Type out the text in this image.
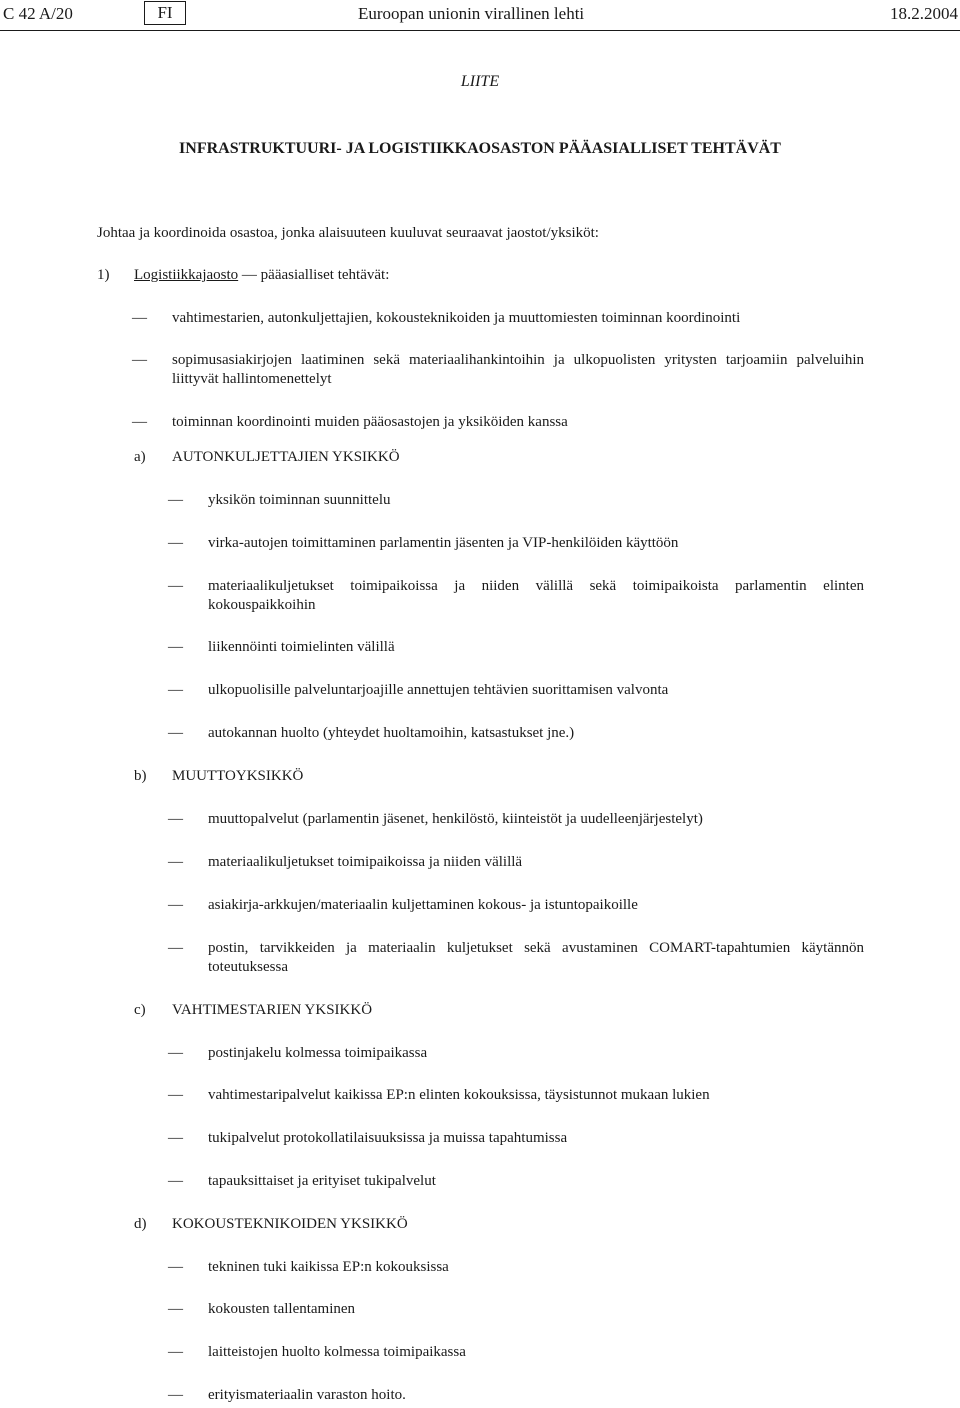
C 42 A/20	FI	Euroopan unionin virallinen lehti	18.2.2004
LIITE
INFRASTRUKTUURI- JA LOGISTIIKKAOSASTON PÄÄASIALLISET TEHTÄVÄT
Johtaa ja koordinoida osastoa, jonka alaisuuteen kuuluvat seuraavat jaostot/yksiköt:
1) Logistiikkajaosto — pääasialliset tehtävät:
— vahtimestarien, autonkuljettajien, kokousteknikoiden ja muuttomiesten toiminnan koordinointi
— sopimusasiakirjojen laatiminen sekä materiaalihankintoihin ja ulkopuolisten yritysten tarjoamiin palveluihin liittyvät hallintomenettelyt
— toiminnan koordinointi muiden pääosastojen ja yksiköiden kanssa
a) AUTONKULJETTAJIEN YKSIKKÖ
— yksikön toiminnan suunnittelu
— virka-autojen toimittaminen parlamentin jäsenten ja VIP-henkilöiden käyttöön
— materiaalikuljetukset toimipaikoissa ja niiden välillä sekä toimipaikoista parlamentin elinten kokouspaikkoihin
— liikennöinti toimielinten välillä
— ulkopuolisille palveluntarjoajille annettujen tehtävien suorittamisen valvonta
— autokannan huolto (yhteydet huoltamoihin, katsastukset jne.)
b) MUUTTOYKSIKKÖ
— muuttopalvelut (parlamentin jäsenet, henkilöstö, kiinteistöt ja uudelleenjärjestelyt)
— materiaalikuljetukset toimipaikoissa ja niiden välillä
— asiakirja-arkkujen/materiaalin kuljettaminen kokous- ja istuntopaikoille
— postin, tarvikkeiden ja materiaalin kuljetukset sekä avustaminen COMART-tapahtumien käytännön toteutuksessa
c) VAHTIMESTARIEN YKSIKKÖ
— postinjakelu kolmessa toimipaikassa
— vahtimestaripalvelut kaikissa EP:n elinten kokouksissa, täysistunnot mukaan lukien
— tukipalvelut protokollatilaisuuksissa ja muissa tapahtumissa
— tapauksittaiset ja erityiset tukipalvelut
d) KOKOUSTEKNIKOIDEN YKSIKKÖ
— tekninen tuki kaikissa EP:n kokouksissa
— kokousten tallentaminen
— laitteistojen huolto kolmessa toimipaikassa
— erityismateriaalin varaston hoito.
